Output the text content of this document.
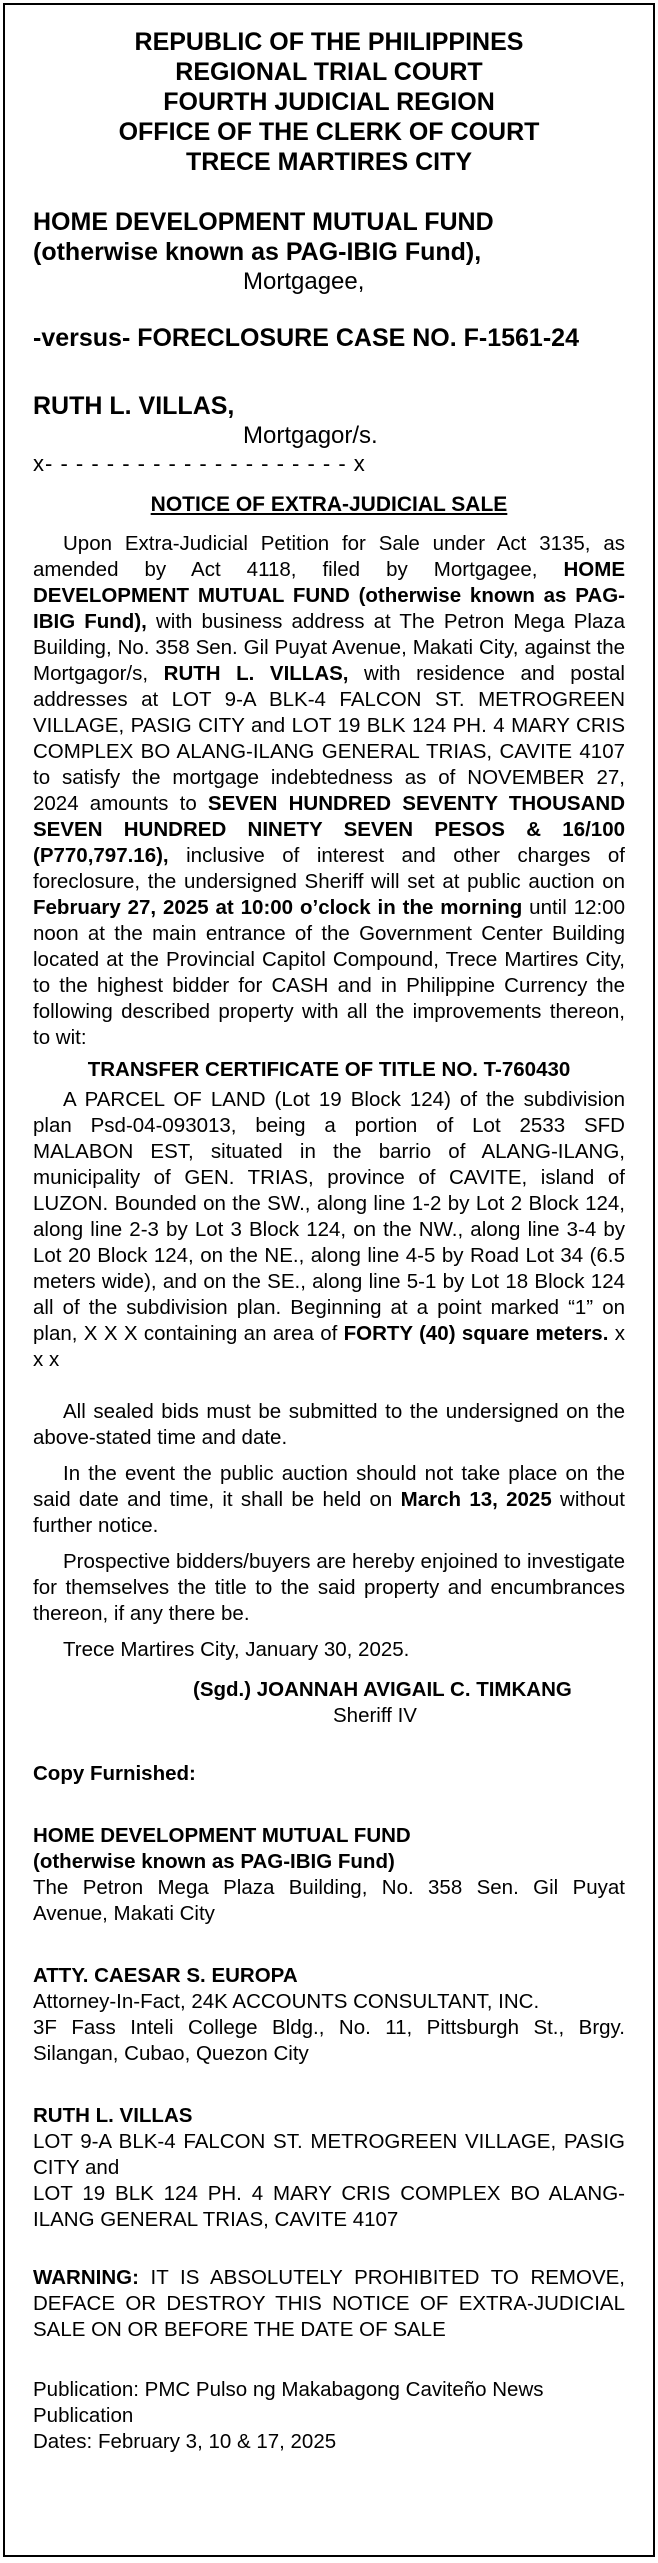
REPUBLIC OF THE PHILIPPINES
REGIONAL TRIAL COURT
FOURTH JUDICIAL REGION
OFFICE OF THE CLERK OF COURT
TRECE MARTIRES CITY
HOME DEVELOPMENT MUTUAL FUND
(otherwise known as PAG-IBIG Fund),
Mortgagee,
-versus- FORECLOSURE CASE NO. F-1561-24
RUTH L. VILLAS,
Mortgagor/s.
x- - - - - - - - - - - - - - - - - - - - x
NOTICE OF EXTRA-JUDICIAL SALE

Upon Extra-Judicial Petition for Sale under Act 3135, as amended by Act 4118, filed by Mortgagee, HOME DEVELOPMENT MUTUAL FUND (otherwise known as PAG-IBIG Fund), with business address at The Petron Mega Plaza Building, No. 358 Sen. Gil Puyat Avenue, Makati City, against the Mortgagor/s, RUTH L. VILLAS, with residence and postal addresses at LOT 9-A BLK-4 FALCON ST. METROGREEN VILLAGE, PASIG CITY and LOT 19 BLK 124 PH. 4 MARY CRIS COMPLEX BO ALANG-ILANG GENERAL TRIAS, CAVITE 4107 to satisfy the mortgage indebtedness as of NOVEMBER 27, 2024 amounts to SEVEN HUNDRED SEVENTY THOUSAND SEVEN HUNDRED NINETY SEVEN PESOS & 16/100 (P770,797.16), inclusive of interest and other charges of foreclosure, the undersigned Sheriff will set at public auction on February 27, 2025 at 10:00 o’clock in the morning until 12:00 noon at the main entrance of the Government Center Building located at the Provincial Capitol Compound, Trece Martires City, to the highest bidder for CASH and in Philippine Currency the following described property with all the improvements thereon, to wit:

TRANSFER CERTIFICATE OF TITLE NO. T-760430

A PARCEL OF LAND (Lot 19 Block 124) of the subdivision plan Psd-04-093013, being a portion of Lot 2533 SFD MALABON EST, situated in the barrio of ALANG-ILANG, municipality of GEN. TRIAS, province of CAVITE, island of LUZON. Bounded on the SW., along line 1-2 by Lot 2 Block 124, along line 2-3 by Lot 3 Block 124, on the NW., along line 3-4 by Lot 20 Block 124, on the NE., along line 4-5 by Road Lot 34 (6.5 meters wide), and on the SE., along line 5-1 by Lot 18 Block 124 all of the subdivision plan. Beginning at a point marked “1” on plan, X X X containing an area of FORTY (40) square meters. x x x

All sealed bids must be submitted to the undersigned on the above-stated time and date.

In the event the public auction should not take place on the said date and time, it shall be held on March 13, 2025 without further notice.

Prospective bidders/buyers are hereby enjoined to investigate for themselves the title to the said property and encumbrances thereon, if any there be.

Trece Martires City, January 30, 2025.

(Sgd.) JOANNAH AVIGAIL C. TIMKANG
Sheriff IV
Copy Furnished:
HOME DEVELOPMENT MUTUAL FUND
(otherwise known as PAG-IBIG Fund)
The Petron Mega Plaza Building, No. 358 Sen. Gil Puyat Avenue, Makati City
ATTY. CAESAR S. EUROPA
Attorney-In-Fact, 24K ACCOUNTS CONSULTANT, INC.
3F Fass Inteli College Bldg., No. 11, Pittsburgh St., Brgy. Silangan, Cubao, Quezon City
RUTH L. VILLAS
LOT 9-A BLK-4 FALCON ST. METROGREEN VILLAGE, PASIG CITY and
LOT 19 BLK 124 PH. 4 MARY CRIS COMPLEX BO ALANG-ILANG GENERAL TRIAS, CAVITE 4107
WARNING: IT IS ABSOLUTELY PROHIBITED TO REMOVE, DEFACE OR DESTROY THIS NOTICE OF EXTRA-JUDICIAL SALE ON OR BEFORE THE DATE OF SALE
Publication: PMC Pulso ng Makabagong Caviteño News Publication
Dates: February 3, 10 & 17, 2025
